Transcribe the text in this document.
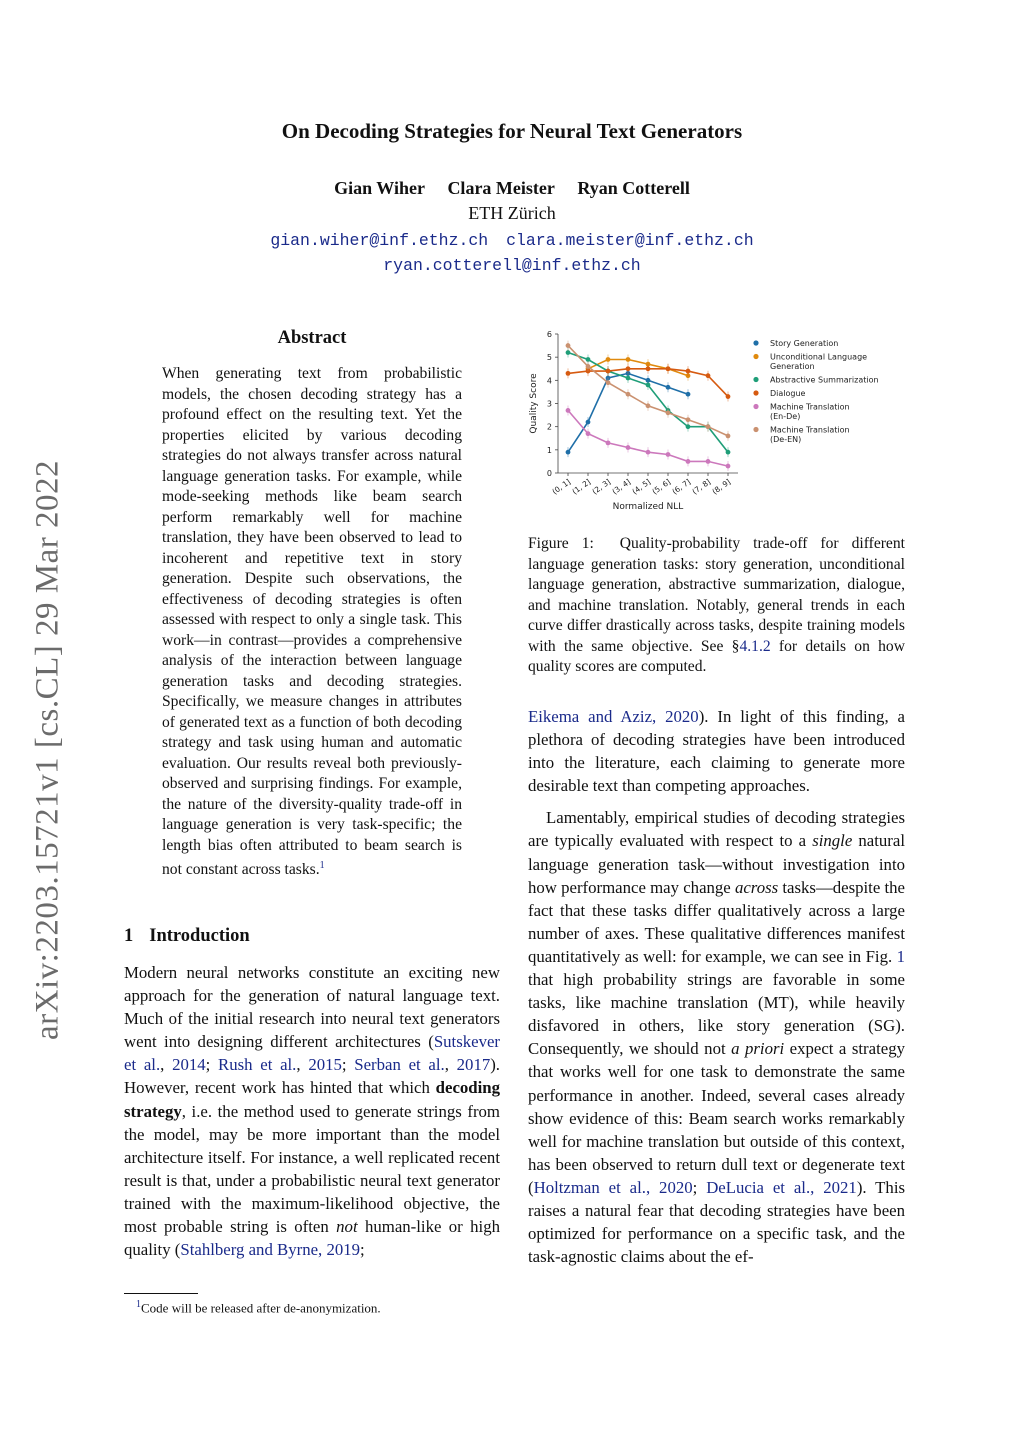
On Decoding Strategies for Neural Text Generators
Gian Wiher Clara Meister Ryan Cotterell
ETH Zürich
gian.wiher@inf.ethz.ch clara.meister@inf.ethz.ch
ryan.cotterell@inf.ethz.ch
arXiv:2203.15721v1 [cs.CL] 29 Mar 2022
Abstract
When generating text from probabilistic models, the chosen decoding strategy has a profound effect on the resulting text. Yet the properties elicited by various decoding strategies do not always transfer across natural language generation tasks. For example, while mode-seeking methods like beam search perform remarkably well for machine translation, they have been observed to lead to incoherent and repetitive text in story generation. Despite such observations, the effectiveness of decoding strategies is often assessed with respect to only a single task. This work—in contrast—provides a comprehensive analysis of the interaction between language generation tasks and decoding strategies. Specifically, we measure changes in attributes of generated text as a function of both decoding strategy and task using human and automatic evaluation. Our results reveal both previously-observed and surprising findings. For example, the nature of the diversity-quality trade-off in language generation is very task-specific; the length bias often attributed to beam search is not constant across tasks.$^1$
1 Introduction
Modern neural networks constitute an exciting new approach for the generation of natural language text. Much of the initial research into neural text generators went into designing different architectures (Sutskever et al., 2014; Rush et al., 2015; Serban et al., 2017). However, recent work has hinted that which decoding strategy, i.e. the method used to generate strings from the model, may be more important than the model architecture itself. For instance, a well replicated recent result is that, under a probabilistic neural text generator trained with the maximum-likelihood objective, the most probable string is often not human-like or high quality (Stahlberg and Byrne, 2019;
$^1$Code will be released after de-anonymization.
0
1
2
3
4
5
6
(0, 1]
(1, 2]
(2, 3]
(3, 4]
(4, 5]
(5, 6]
(6, 7]
(7, 8]
(8, 9]
Normalized NLL
Quality Score
Story Generation
Unconditional Language
Generation
Abstractive Summarization
Dialogue
Machine Translation
(En-De)
Machine Translation
(De-EN)
Figure 1: Quality-probability trade-off for different language generation tasks: story generation, unconditional language generation, abstractive summarization, dialogue, and machine translation. Notably, general trends in each curve differ drastically across tasks, despite training models with the same objective. See §4.1.2 for details on how quality scores are computed.

Eikema and Aziz, 2020). In light of this finding, a plethora of decoding strategies have been introduced into the literature, each claiming to generate more desirable text than competing approaches.

Lamentably, empirical studies of decoding strategies are typically evaluated with respect to a single natural language generation task—without investigation into how performance may change across tasks—despite the fact that these tasks differ qualitatively across a large number of axes. These qualitative differences manifest quantitatively as well: for example, we can see in Fig. 1 that high probability strings are favorable in some tasks, like machine translation (MT), while heavily disfavored in others, like story generation (SG). Consequently, we should not a priori expect a strategy that works well for one task to demonstrate the same performance in another. Indeed, several cases already show evidence of this: Beam search works remarkably well for machine translation but outside of this context, has been observed to return dull text or degenerate text (Holtzman et al., 2020; DeLucia et al., 2021). This raises a natural fear that decoding strategies have been optimized for performance on a specific task, and the task-agnostic claims about the ef-
